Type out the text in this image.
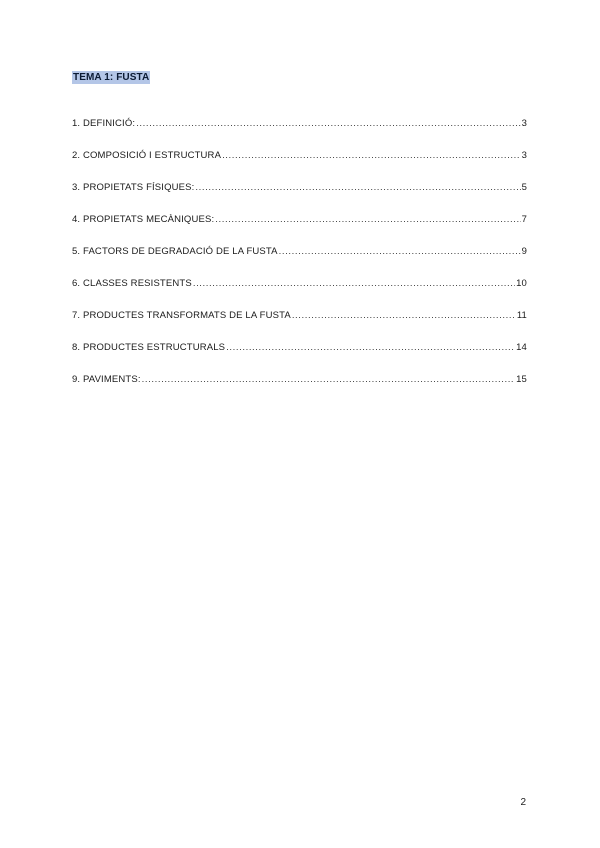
TEMA 1: FUSTA
1. DEFINICIÓ: .....	3
2. COMPOSICIÓ I ESTRUCTURA .....	3
3. PROPIETATS FÍSIQUES: .....	5
4. PROPIETATS MECÀNIQUES: .....	7
5. FACTORS DE DEGRADACIÓ DE LA FUSTA .....	9
6. CLASSES RESISTENTS .....	10
7. PRODUCTES TRANSFORMATS DE LA FUSTA .....	11
8. PRODUCTES ESTRUCTURALS .....	14
9. PAVIMENTS: .....	15
2
